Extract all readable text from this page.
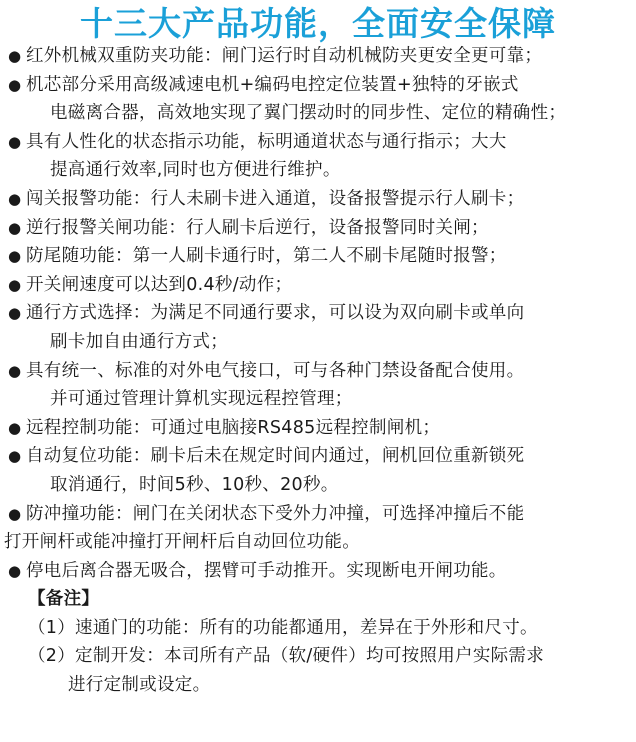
十三大产品功能，全面安全保障
● 红外机械双重防夹功能：闸门运行时自动机械防夹更安全更可靠；
● 机芯部分采用高级减速电机+编码电控定位装置+独特的牙嵌式
电磁离合器，高效地实现了翼门摆动时的同步性、定位的精确性；
● 具有人性化的状态指示功能，标明通道状态与通行指示；大大
提高通行效率,同时也方便进行维护。
● 闯关报警功能：行人未刷卡进入通道，设备报警提示行人刷卡；
● 逆行报警关闸功能：行人刷卡后逆行，设备报警同时关闸；
● 防尾随功能：第一人刷卡通行时，第二人不刷卡尾随时报警；
● 开关闸速度可以达到0.4秒/动作；
● 通行方式选择：为满足不同通行要求，可以设为双向刷卡或单向
刷卡加自由通行方式；
● 具有统一、标准的对外电气接口，可与各种门禁设备配合使用。
并可通过管理计算机实现远程控管理；
● 远程控制功能：可通过电脑接RS485远程控制闸机；
● 自动复位功能：刷卡后未在规定时间内通过，闸机回位重新锁死
取消通行，时间5秒、10秒、20秒。
● 防冲撞功能：闸门在关闭状态下受外力冲撞，可选择冲撞后不能
打开闸杆或能冲撞打开闸杆后自动回位功能。
● 停电后离合器无吸合，摆臂可手动推开。实现断电开闸功能。
【备注】
（1）速通门的功能：所有的功能都通用，差异在于外形和尺寸。
（2）定制开发：本司所有产品（软/硬件）均可按照用户实际需求
进行定制或设定。
